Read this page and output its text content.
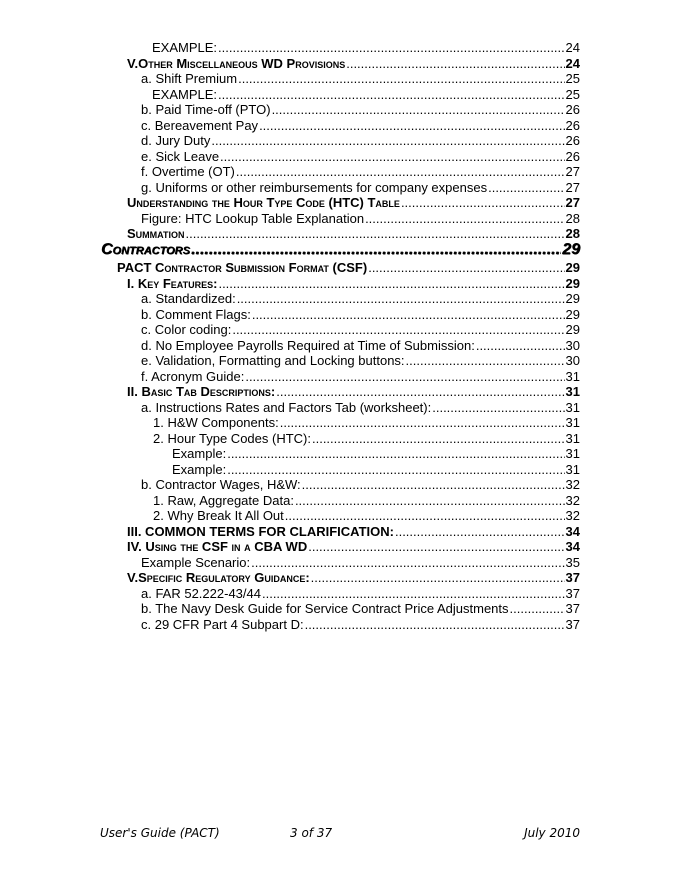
EXAMPLE: .....	24
V.Other Miscellaneous WD Provisions .....	24
a. Shift Premium .....	25
EXAMPLE: .....	25
b. Paid Time-off (PTO) .....	26
c. Bereavement Pay .....	26
d. Jury Duty .....	26
e. Sick Leave .....	26
f. Overtime (OT) .....	27
g. Uniforms or other reimbursements for company expenses .....	27
Understanding the Hour Type Code (HTC) Table .....	27
Figure: HTC Lookup Table Explanation .....	28
Summation .....	28
Contractors .....	29
PACT Contractor Submission Format (CSF) .....	29
I. Key Features: .....	29
a. Standardized: .....	29
b. Comment Flags: .....	29
c. Color coding: .....	29
d. No Employee Payrolls Required at Time of Submission: .....	30
e. Validation, Formatting and Locking buttons: .....	30
f. Acronym Guide: .....	31
II. Basic Tab Descriptions: .....	31
a. Instructions Rates and Factors Tab (worksheet): .....	31
1. H&W Components: .....	31
2. Hour Type Codes (HTC): .....	31
Example: .....	31
Example: .....	31
b. Contractor Wages, H&W: .....	32
1. Raw, Aggregate Data: .....	32
2. Why Break It All Out .....	32
III. COMMON TERMS FOR CLARIFICATION: .....	34
IV. Using the CSF in a CBA WD .....	34
Example Scenario: .....	35
V.Specific Regulatory Guidance: .....	37
a. FAR 52.222-43/44 .....	37
b. The Navy Desk Guide for Service Contract Price Adjustments .....	37
c. 29 CFR Part 4 Subpart D: .....	37
User's Guide (PACT)	3 of 37	July 2010
